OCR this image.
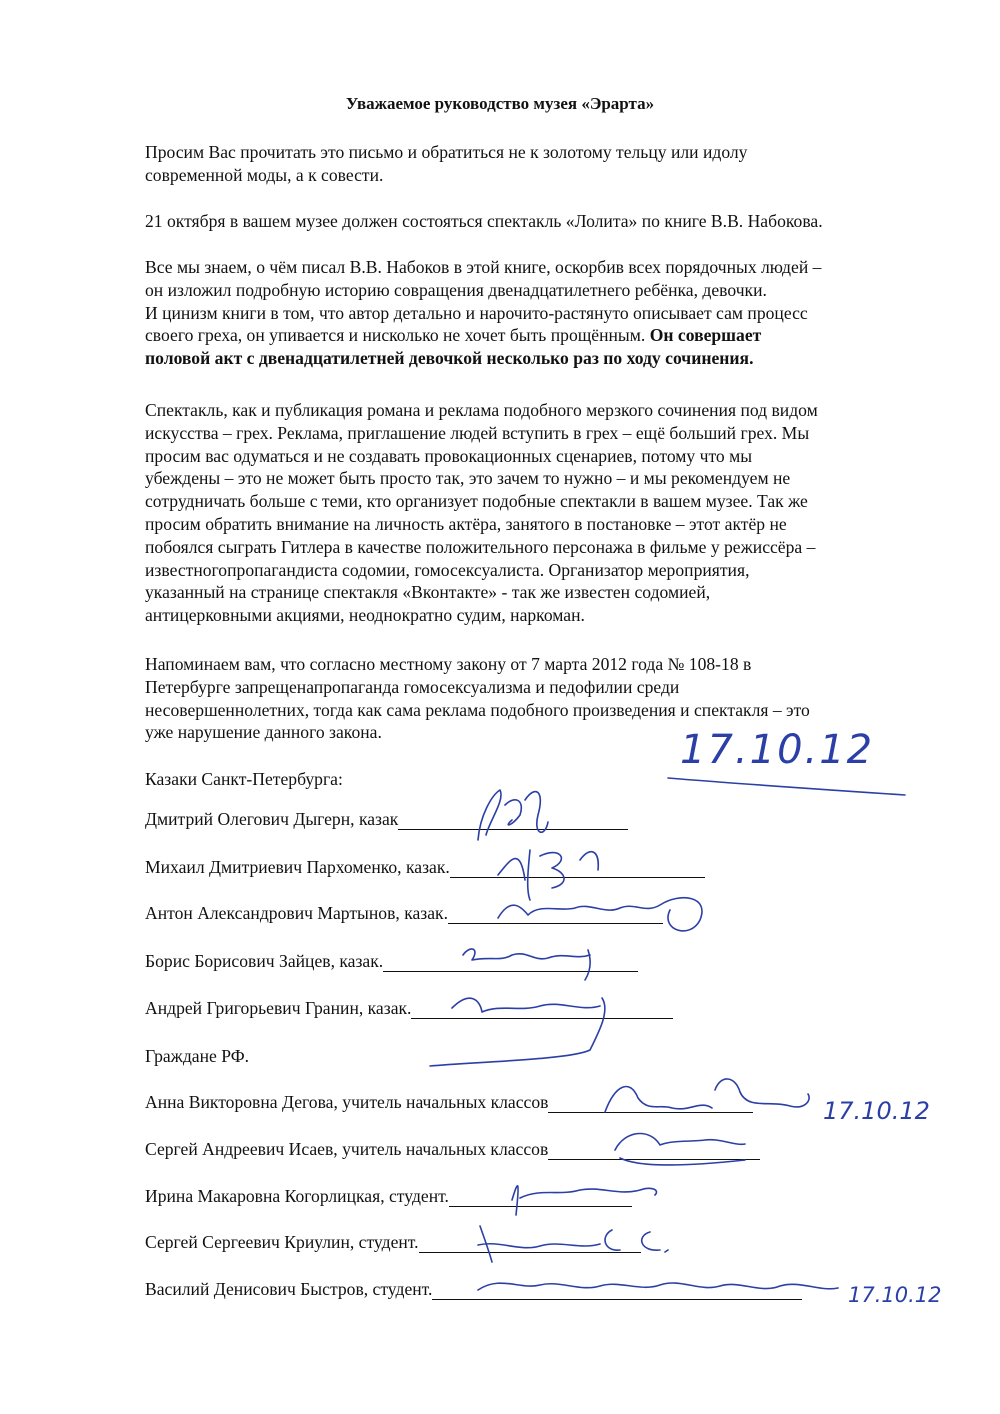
Уважаемое руководство музея «Эрарта»

Просим Вас прочитать это письмо и обратиться не к золотому тельцу или идолу
современной моды, а к совести.

21 октября в вашем музее должен состояться спектакль «Лолита» по книге В.В. Набокова.

Все мы знаем, о чём писал В.В. Набоков в этой книге, оскорбив всех порядочных людей –
он изложил подробную историю совращения двенадцатилетнего ребёнка, девочки.
И цинизм книги в том, что автор детально и нарочито-растянуто описывает сам процесс
своего греха, он упивается и нисколько не хочет быть прощённым. Он совершает
половой акт с двенадцатилетней девочкой несколько раз по ходу сочинения.

Спектакль, как и публикация романа и реклама подобного мерзкого сочинения под видом
искусства – грех. Реклама, приглашение людей вступить в грех – ещё больший грех. Мы
просим вас одуматься и не создавать провокационных сценариев, потому что мы
убеждены – это не может быть просто так, это зачем то нужно – и мы рекомендуем не
сотрудничать больше с теми, кто организует подобные спектакли в вашем музее. Так же
просим обратить внимание на личность актёра, занятого в постановке – этот актёр не
побоялся сыграть Гитлера в качестве положительного персонажа в фильме у режиссёра –
известногопропагандиста содомии, гомосексуалиста. Организатор мероприятия,
указанный на странице спектакля «Вконтакте» - так же известен содомией,
антицерковными акциями, неоднократно судим, наркоман.

Напоминаем вам, что согласно местному закону от 7 марта 2012 года № 108-18 в
Петербурге запрещенапропаганда гомосексуализма и педофилии среди
несовершеннолетних, тогда как сама реклама подобного произведения и спектакля – это
уже нарушение данного закона.	17.10.12
Казаки Санкт-Петербурга:
Дмитрий Олегович Дыгерн, казак
Михаил Дмитриевич Пархоменко, казак.
Антон Александрович Мартынов, казак.
Борис Борисович Зайцев, казак.
Андрей Григорьевич Гранин, казак.
Граждане РФ.
Анна Викторовна Дегова, учитель начальных классов
Сергей Андреевич Исаев, учитель начальных классов
Ирина Макаровна Когорлицкая, студент.
Сергей Сергеевич Криулин, студент.
Василий Денисович Быстров, студент.
17.10.12
17.10.12
